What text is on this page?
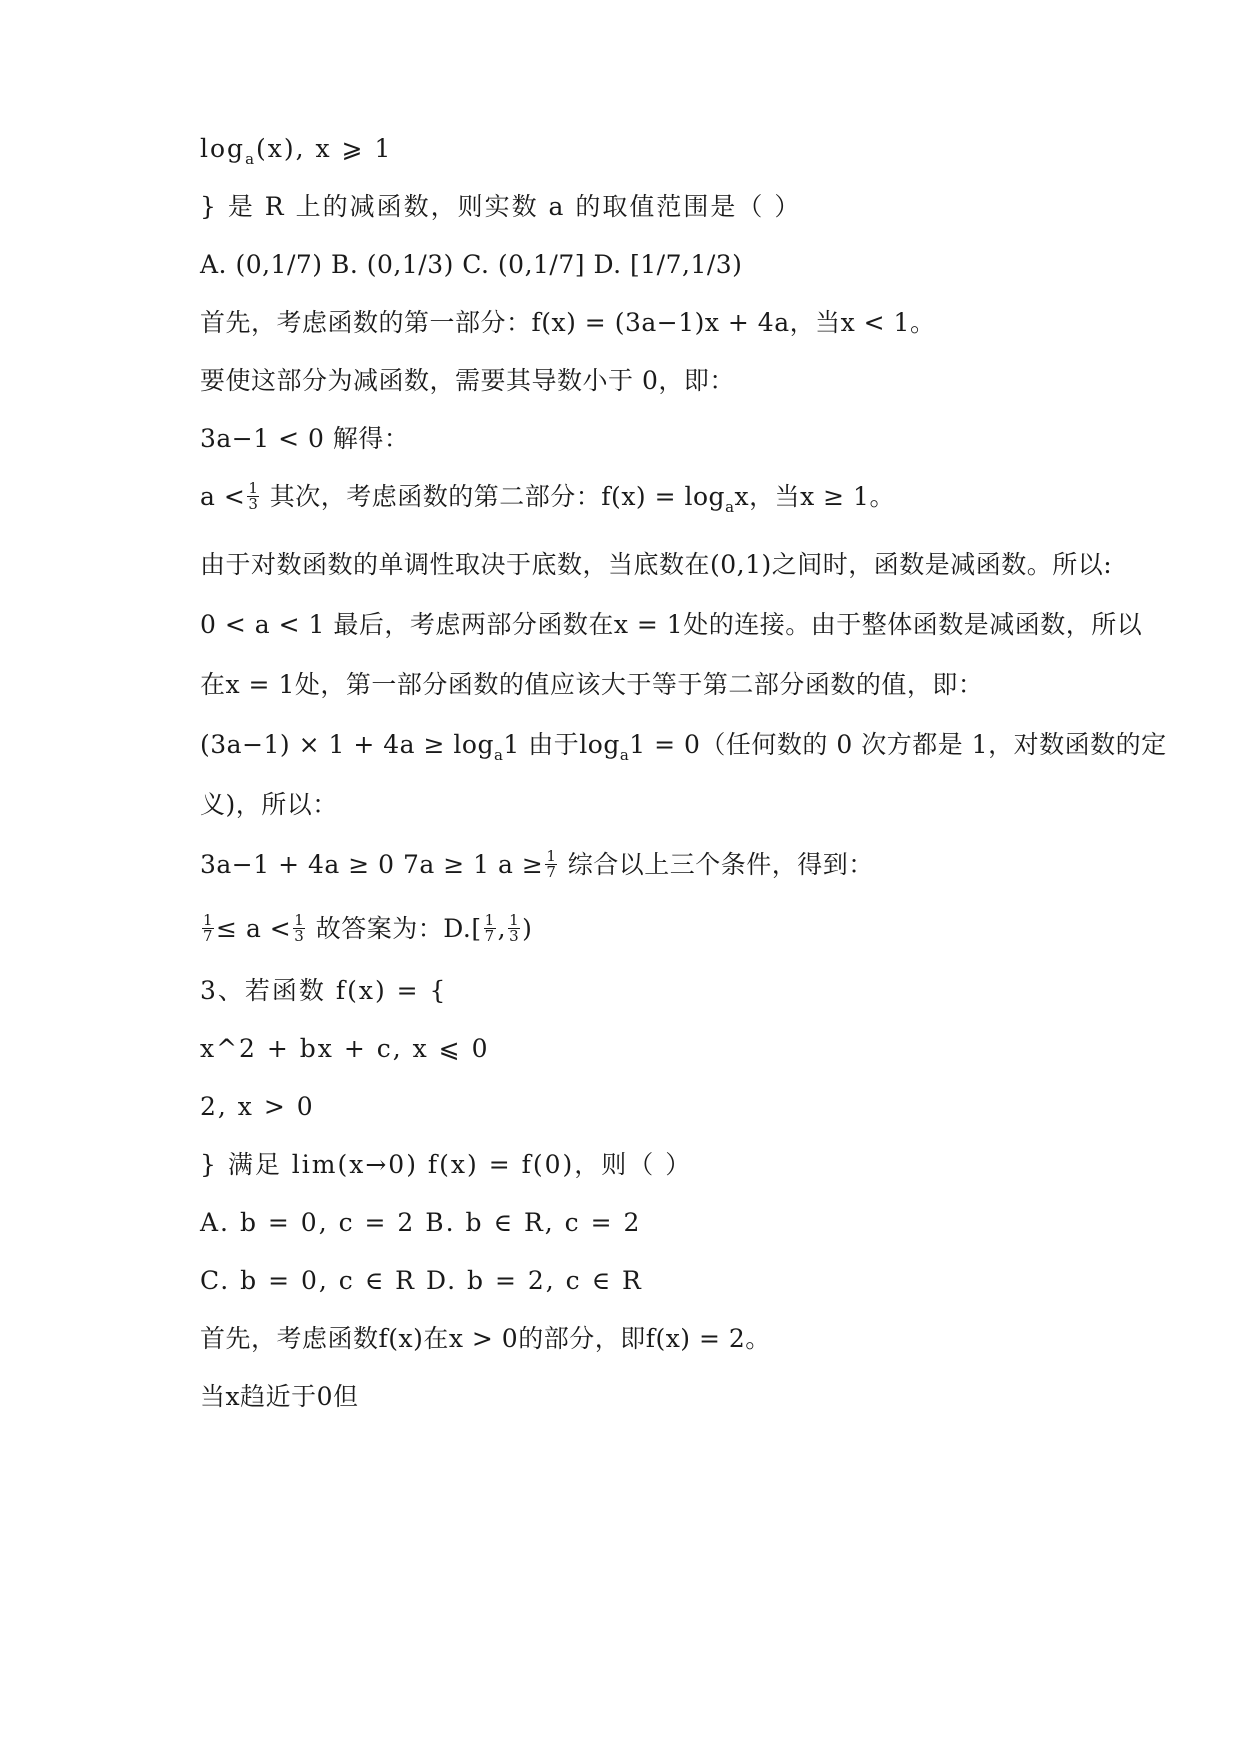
$\log_a(x)$, x ⩾ 1
} 是 R 上的减函数，则实数 a 的取值范围是（ ）
A. (0,1/7) B. (0,1/3) C. (0,1/7] D. [1/7,1/3)
首先，考虑函数的第一部分：f(x) = (3a−1)x + 4a，当x < 1。
要使这部分为减函数，需要其导数小于 0，即：
3a−1 < 0 解得：
$a < \frac{1}{3}$ 其次，考虑函数的第二部分：$f(x) = \log_ax$，当x ≥ 1。
由于对数函数的单调性取决于底数，当底数在(0,1)之间时，函数是减函数。所以:
0 < a < 1 最后，考虑两部分函数在x = 1处的连接。由于整体函数是减函数，所以
在x = 1处，第一部分函数的值应该大于等于第二部分函数的值，即：
$(3a-1) \times 1 + 4a \ge \log_a1$ 由于$\log_a1 = 0$（任何数的 0 次方都是 1，对数函数的定
义)，所以：
3a−1 + 4a ≥ 0 7a ≥ 1 $a \ge \frac{1}{7}$ 综合以上三个条件，得到：
$\frac{1}{7} \le a < \frac{1}{3}$ 故答案为：$D.[ \frac{1}{7}$ , $\frac{1}{3}$ )
3、若函数 f(x) = {
x^2 + bx + c, x ⩽ 0
2, x > 0
} 满足 lim(x→0) f(x) = f(0)，则（ ）
A. b = 0, c = 2 B. b ∈ R, c = 2
C. b = 0, c ∈ R D. b = 2, c ∈ R
首先，考虑函数f(x)在x > 0的部分，即f(x) = 2。
当x趋近于0但
